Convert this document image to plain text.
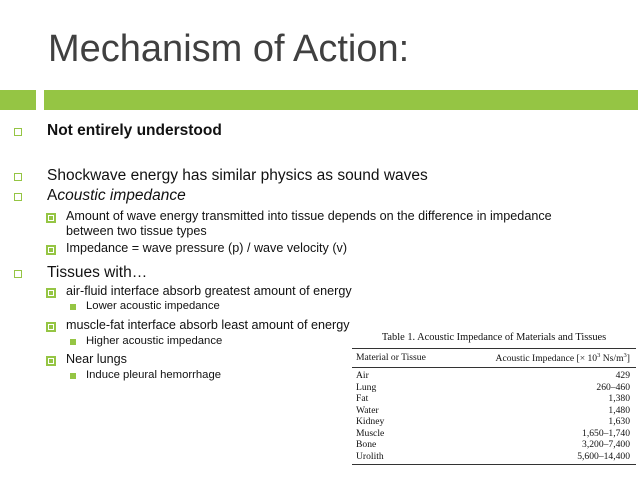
Mechanism of Action:
Not entirely understood
Shockwave energy has similar physics as sound waves
Acoustic impedance
Amount of wave energy transmitted into tissue depends on the difference in impedance
between two tissue types
Impedance = wave pressure (p) / wave velocity (v)
Tissues with…
air-fluid interface absorb greatest amount of energy
Lower acoustic impedance
muscle-fat interface absorb least amount of energy
Higher acoustic impedance
Near lungs
Induce pleural hemorrhage
Table 1. Acoustic Impedance of Materials and Tissues
Material or Tissue	Acoustic Impedance [× $10^3$ $Ns/m^3$]
Air	429
Lung	260–460
Fat	1,380
Water	1,480
Kidney	1,630
Muscle	1,650–1,740
Bone	3,200–7,400
Urolith	5,600–14,400
